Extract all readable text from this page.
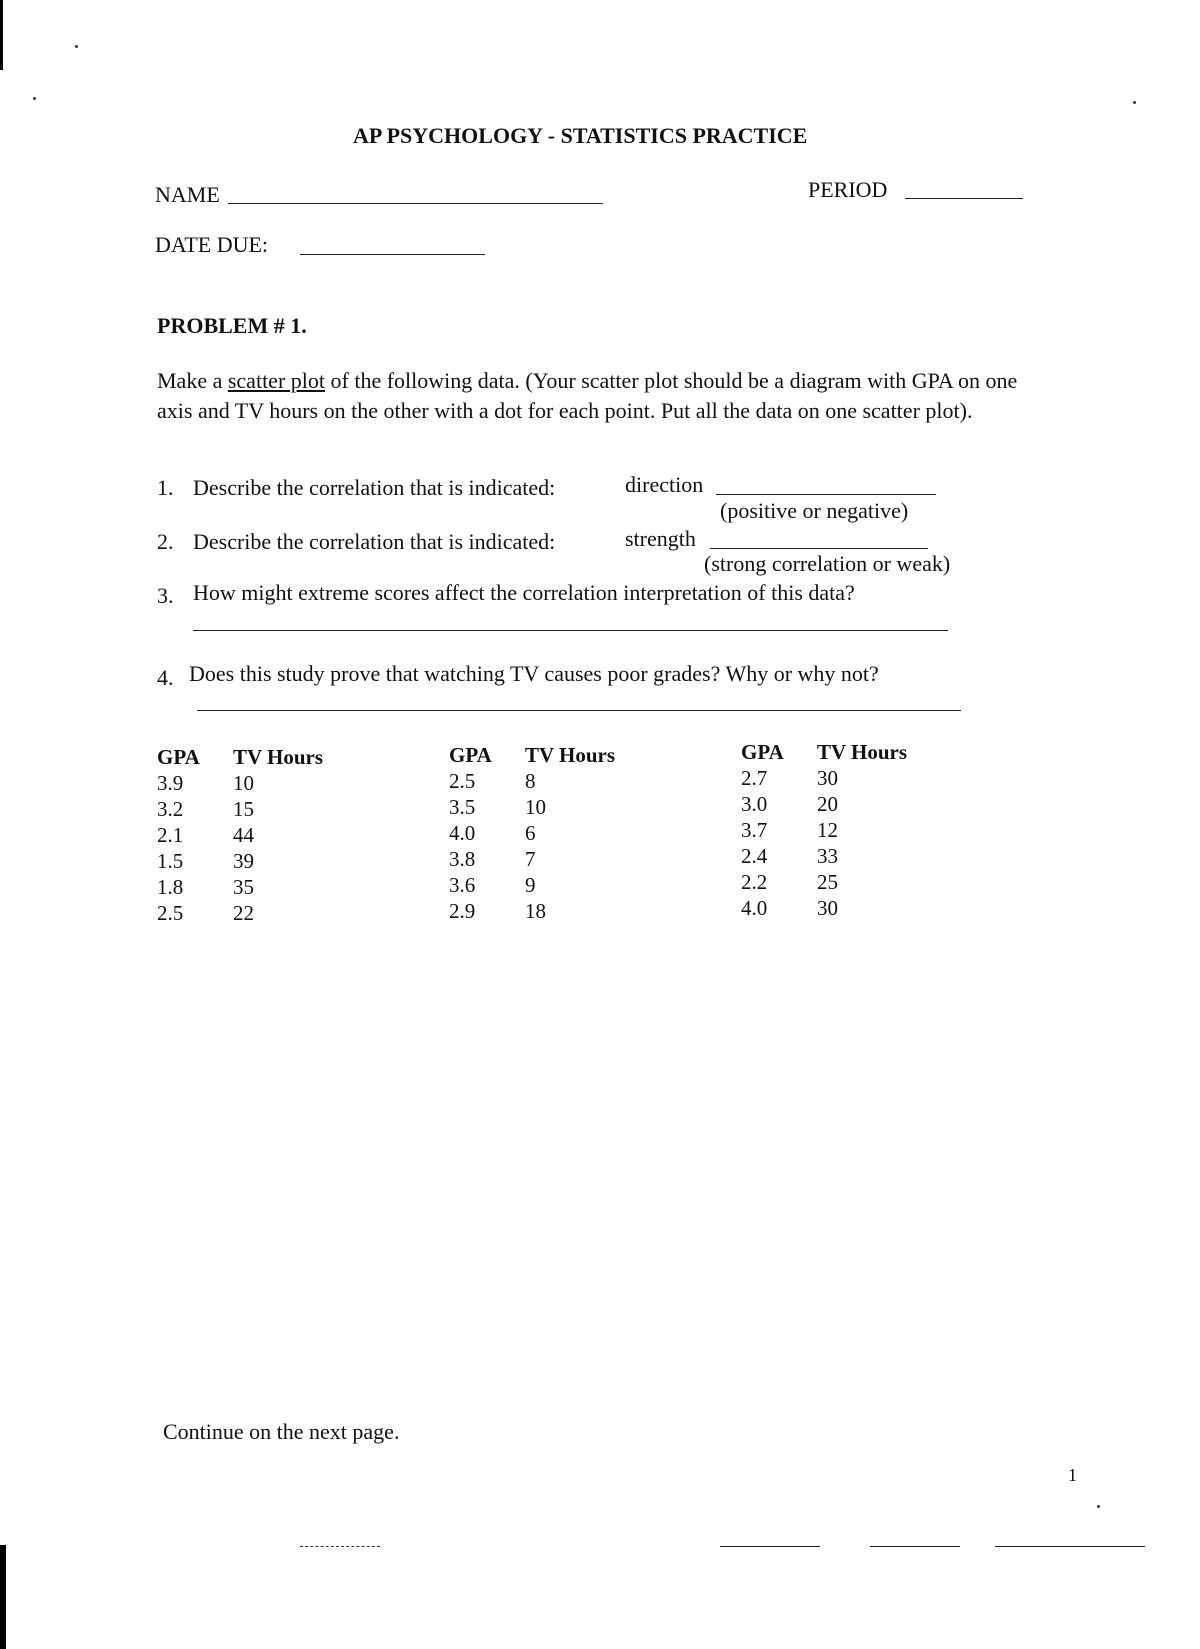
AP PSYCHOLOGY - STATISTICS PRACTICE
NAME	PERIOD
DATE DUE:
PROBLEM # 1.
Make a scatter plot of the following data. (Your scatter plot should be a diagram with GPA on one axis and TV hours on the other with a dot for each point. Put all the data on one scatter plot).
1. Describe the correlation that is indicated:	direction
(positive or negative)
2. Describe the correlation that is indicated:	strength
(strong correlation or weak)
3. How might extreme scores affect the correlation interpretation of this data?
4. Does this study prove that watching TV causes poor grades? Why or why not?
GPA	TV Hours
3.9	10
3.2	15
2.1	44
1.5	39
1.8	35
2.5	22
GPA	TV Hours
2.5	8
3.5	10
4.0	6
3.8	7
3.6	9
2.9	18
GPA	TV Hours
2.7	30
3.0	20
3.7	12
2.4	33
2.2	25
4.0	30
Continue on the next page.
1
